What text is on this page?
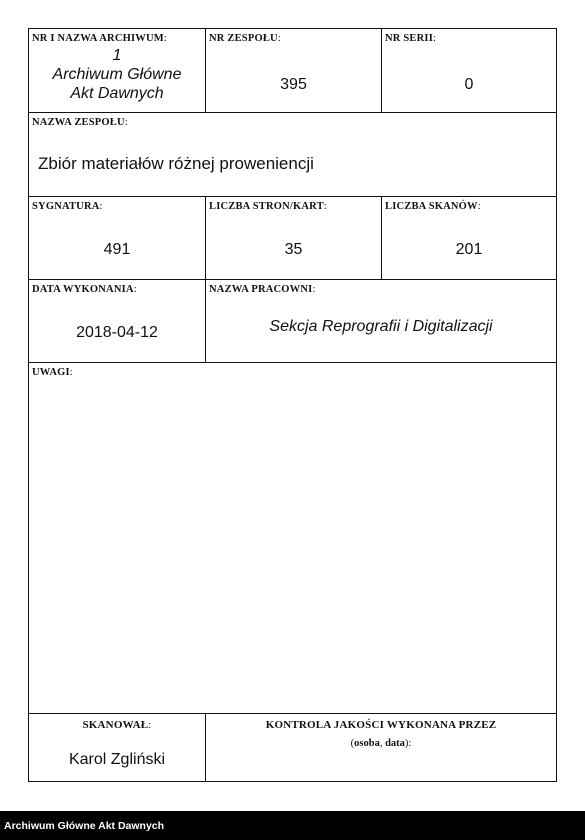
NR I NAZWA ARCHIWUM:
1
Archiwum Główne
Akt Dawnych
NR ZESPOŁU:
395
NR SERII:
0
NAZWA ZESPOŁU:
Zbiór materiałów różnej proweniencji
SYGNATURA:
491
LICZBA STRON/KART:
35
LICZBA SKANÓW:
201
DATA WYKONANIA:
2018-04-12
NAZWA PRACOWNI:
Sekcja Reprografii i Digitalizacji
UWAGI:
SKANOWAŁ:
Karol Zgliński
KONTROLA JAKOŚCI WYKONANA PRZEZ
(osoba, data):
Archiwum Główne Akt Dawnych
